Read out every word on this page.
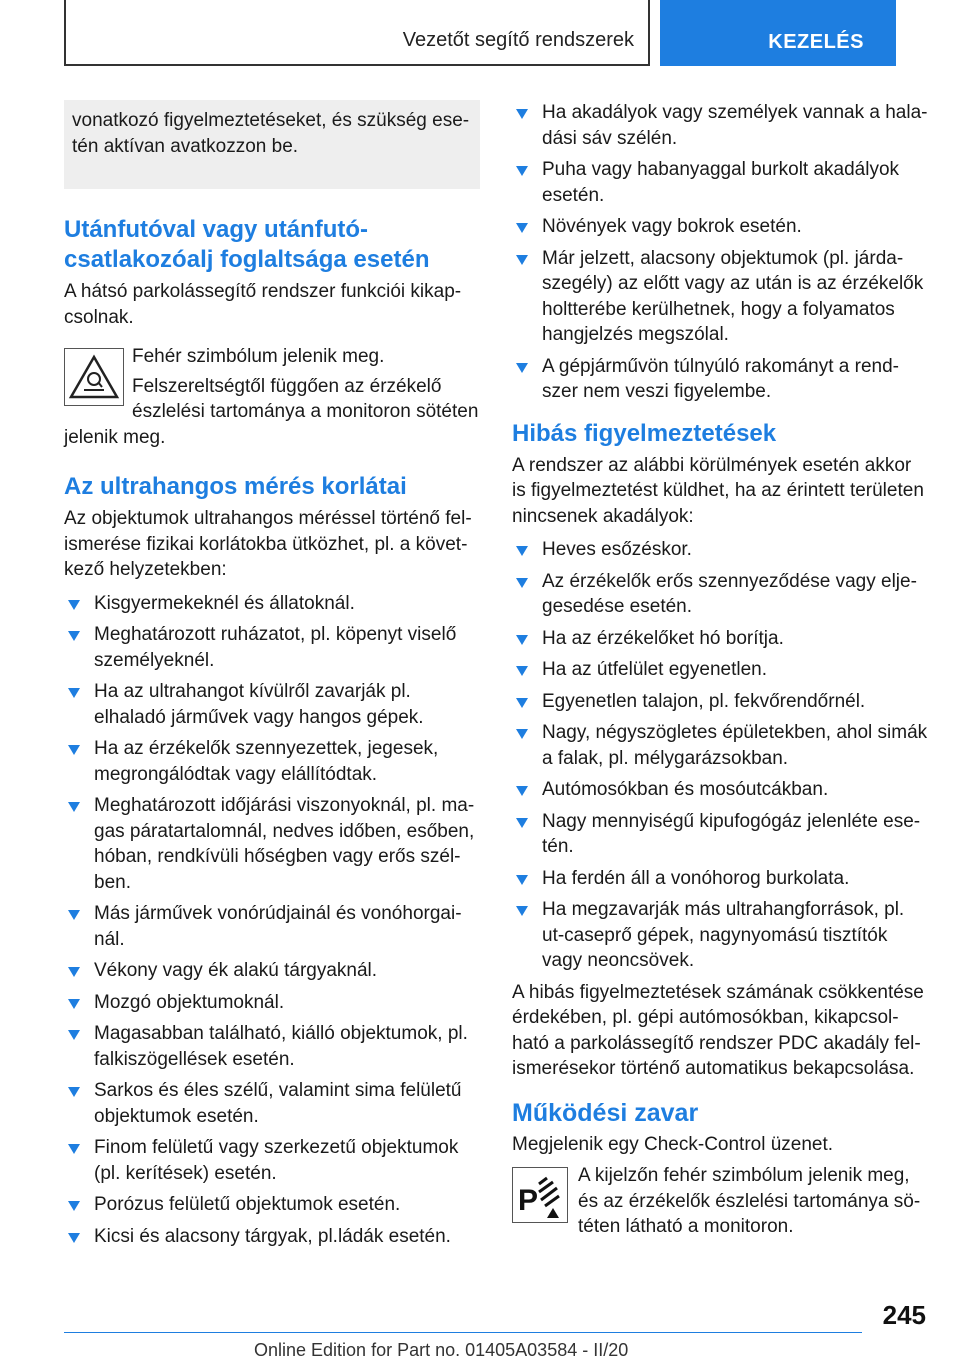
Vezetőt segítő rendszerek	KEZELÉS
vonatkozó figyelmeztetéseket, és szükség ese-tén aktívan avatkozzon be.
Utánfutóval vagy utánfutó-csatlakozóalj foglaltsága esetén

A hátsó parkolássegítő rendszer funkciói kikap-csolnak.

Fehér szimbólum jelenik meg.

Felszereltségtől függően az érzékelő észlelési tartománya a monitoron sötéten jelenik meg.

Az ultrahangos mérés korlátai

Az objektumok ultrahangos méréssel történő fel-ismerése fizikai korlátokba ütközhet, pl. a követ-kező helyzetekben:

Kisgyermekeknél és állatoknál.
Meghatározott ruházatot, pl. köpenyt viselő személyeknél.
Ha az ultrahangot kívülről zavarják pl. elhaladó járművek vagy hangos gépek.
Ha az érzékelők szennyezettek, jegesek, megrongálódtak vagy elállítódtak.
Meghatározott időjárási viszonyoknál, pl. ma-gas páratartalomnál, nedves időben, esőben, hóban, rendkívüli hőségben vagy erős szél-ben.
Más járművek vonórúdjainál és vonóhorgai-nál.
Vékony vagy ék alakú tárgyaknál.
Mozgó objektumoknál.
Magasabban található, kiálló objektumok, pl. falkiszögellések esetén.
Sarkos és éles szélű, valamint sima felületű objektumok esetén.
Finom felületű vagy szerkezetű objektumok (pl. kerítések) esetén.
Porózus felületű objektumok esetén.
Kicsi és alacsony tárgyak, pl.ládák esetén.
Ha akadályok vagy személyek vannak a hala-dási sáv szélén.
Puha vagy habanyaggal burkolt akadályok esetén.
Növények vagy bokrok esetén.
Már jelzett, alacsony objektumok (pl. járda-szegély) az előtt vagy az után is az érzékelők holtterébe kerülhetnek, hogy a folyamatos hangjelzés megszólal.
A gépjárművön túlnyúló rakományt a rend-szer nem veszi figyelembe.
Hibás figyelmeztetések

A rendszer az alábbi körülmények esetén akkor is figyelmeztetést küldhet, ha az érintett területen nincsenek akadályok:

Heves esőzéskor.
Az érzékelők erős szennyeződése vagy elje-gesedése esetén.
Ha az érzékelőket hó borítja.
Ha az útfelület egyenetlen.
Egyenetlen talajon, pl. fekvőrendőrnél.
Nagy, négyszögletes épületekben, ahol simák a falak, pl. mélygarázsokban.
Autómosókban és mosóutcákban.
Nagy mennyiségű kipufogógáz jelenléte ese-tén.
Ha ferdén áll a vonóhorog burkolata.
Ha megzavarják más ultrahangforrások, pl. ut-caseprő gépek, nagynyomású tisztítók vagy neoncsövek.

A hibás figyelmeztetések számának csökkentése érdekében, pl. gépi autómosókban, kikapcsol-ható a parkolássegítő rendszer PDC akadály fel-ismerésekor történő automatikus bekapcsolása.

Működési zavar

Megjelenik egy Check-Control üzenet.

P

A kijelzőn fehér szimbólum jelenik meg, és az érzékelők észlelési tartománya sö-téten látható a monitoron.

245
Online Edition for Part no. 01405A03584 - II/20
